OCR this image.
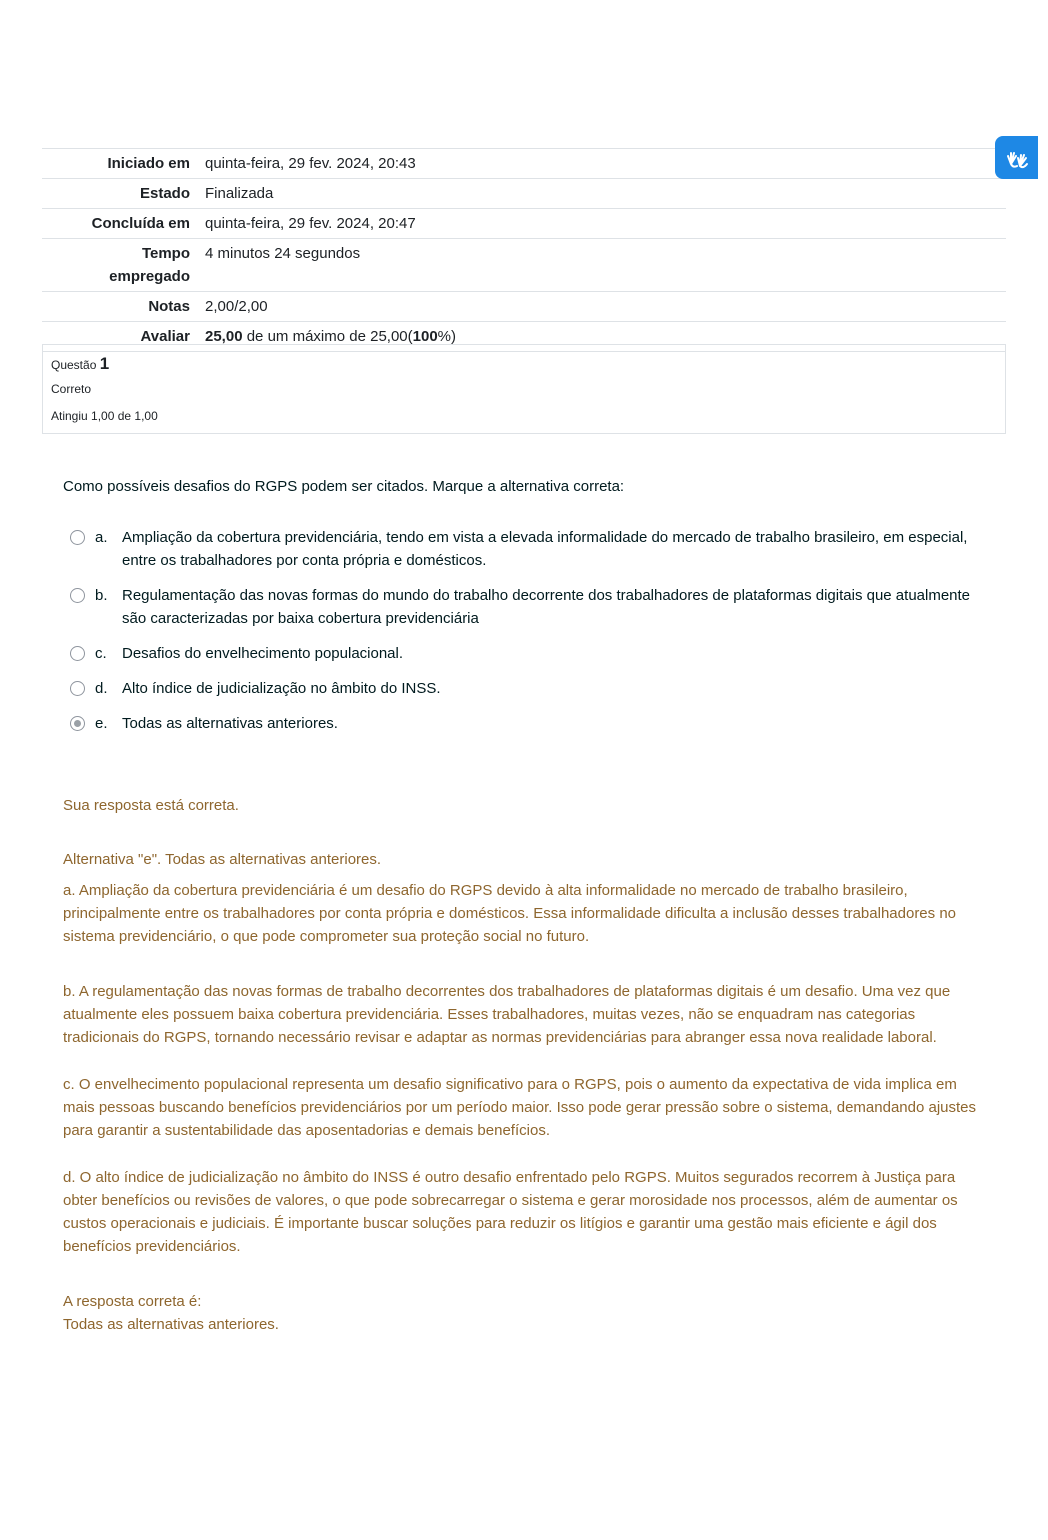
Iniciado em	quinta-feira, 29 fev. 2024, 20:43
Estado	Finalizada
Concluída em	quinta-feira, 29 fev. 2024, 20:47
Tempo
empregado	4 minutos 24 segundos
Notas	2,00/2,00
Avaliar	25,00 de um máximo de 25,00(100%)
Questão 1
Correto
Atingiu 1,00 de 1,00
Como possíveis desafios do RGPS podem ser citados. Marque a alternativa correta:
a. Ampliação da cobertura previdenciária, tendo em vista a elevada informalidade do mercado de trabalho brasileiro, em especial, entre os trabalhadores por conta própria e domésticos.
b. Regulamentação das novas formas do mundo do trabalho decorrente dos trabalhadores de plataformas digitais que atualmente são caracterizadas por baixa cobertura previdenciária
c.	Desafios do envelhecimento populacional.
d. Alto índice de judicialização no âmbito do INSS.
e. Todas as alternativas anteriores.
Sua resposta está correta.
Alternativa "e". Todas as alternativas anteriores.
a. Ampliação da cobertura previdenciária é um desafio do RGPS devido à alta informalidade no mercado de trabalho brasileiro, principalmente entre os trabalhadores por conta própria e domésticos. Essa informalidade dificulta a inclusão desses trabalhadores no sistema previdenciário, o que pode comprometer sua proteção social no futuro.
b. A regulamentação das novas formas de trabalho decorrentes dos trabalhadores de plataformas digitais é um desafio. Uma vez que atualmente eles possuem baixa cobertura previdenciária. Esses trabalhadores, muitas vezes, não se enquadram nas categorias tradicionais do RGPS, tornando necessário revisar e adaptar as normas previdenciárias para abranger essa nova realidade laboral.
c. O envelhecimento populacional representa um desafio significativo para o RGPS, pois o aumento da expectativa de vida implica em mais pessoas buscando benefícios previdenciários por um período maior. Isso pode gerar pressão sobre o sistema, demandando ajustes para garantir a sustentabilidade das aposentadorias e demais benefícios.
d. O alto índice de judicialização no âmbito do INSS é outro desafio enfrentado pelo RGPS. Muitos segurados recorrem à Justiça para obter benefícios ou revisões de valores, o que pode sobrecarregar o sistema e gerar morosidade nos processos, além de aumentar os custos operacionais e judiciais. É importante buscar soluções para reduzir os litígios e garantir uma gestão mais eficiente e ágil dos benefícios previdenciários.
A resposta correta é:
Todas as alternativas anteriores.
